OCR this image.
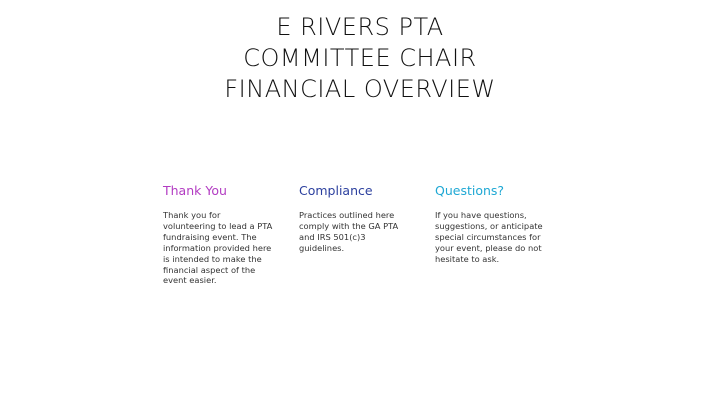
E RIVERS PTA
COMMITTEE CHAIR
FINANCIAL OVERVIEW
Thank You
Thank you for volunteering to lead a PTA fundraising event. The information provided here is intended to make the financial aspect of the event easier.
Compliance
Practices outlined here comply with the GA PTA and IRS 501(c)3 guidelines.
Questions?
If you have questions, suggestions, or anticipate special circumstances for your event, please do not hesitate to ask.
